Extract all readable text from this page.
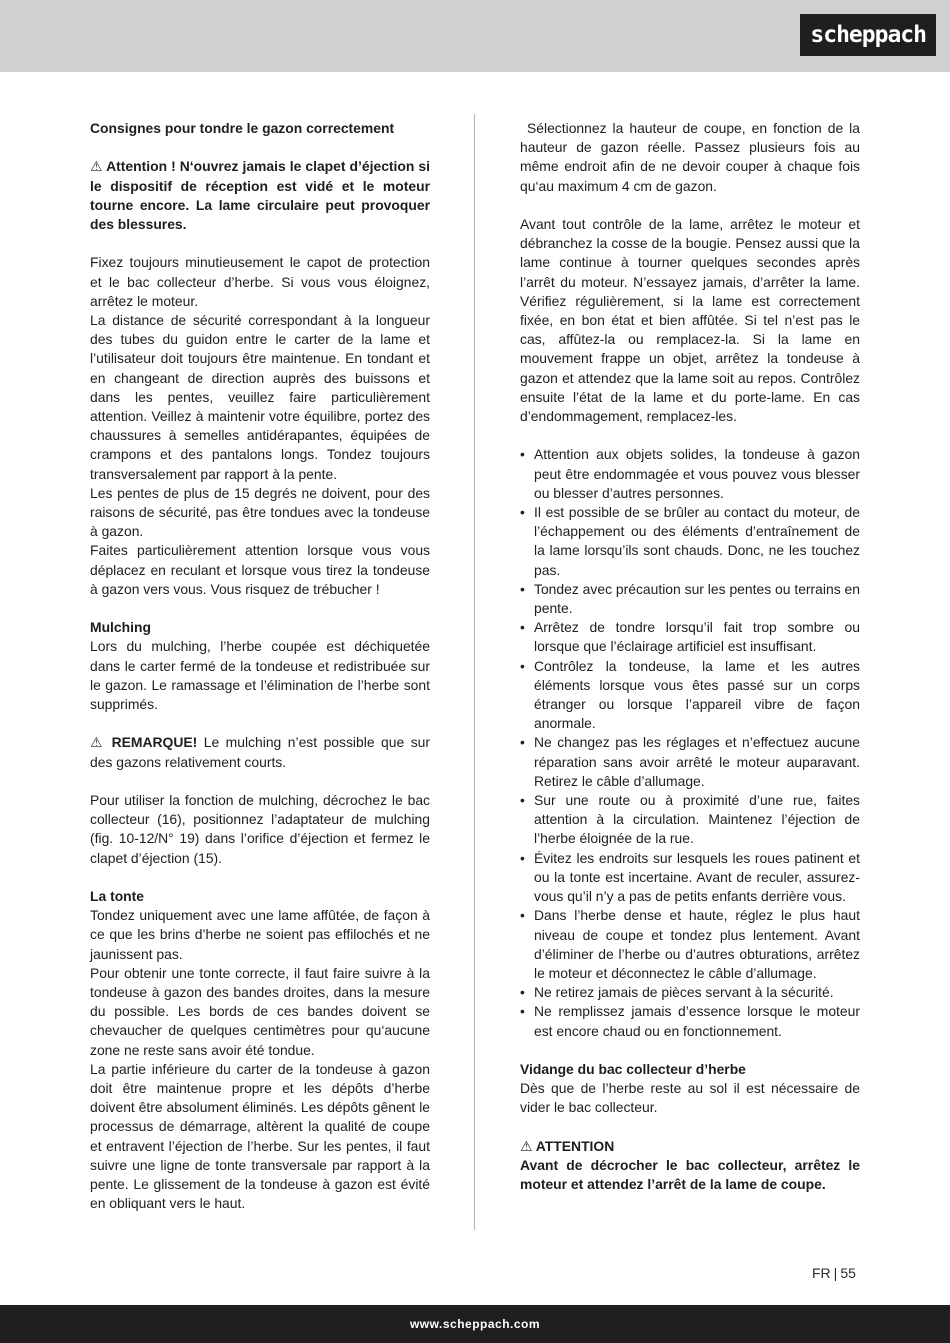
scheppach

Consignes pour tondre le gazon correctement

⚠ Attention ! N‘ouvrez jamais le clapet d’éjection si le dispositif de réception est vidé et le moteur tourne encore. La lame circulaire peut provoquer des blessures.

Fixez toujours minutieusement le capot de protection et le bac collecteur d’herbe. Si vous vous éloignez, arrêtez le moteur.

La distance de sécurité correspondant à la longueur des tubes du guidon entre le carter de la lame et l’utilisateur doit toujours être maintenue. En tondant et en changeant de direction auprès des buissons et dans les pentes, veuillez faire particulièrement attention. Veillez à maintenir votre équilibre, portez des chaussures à semelles antidérapantes, équipées de crampons et des pantalons longs. Tondez toujours transversalement par rapport à la pente.

Les pentes de plus de 15 degrés ne doivent, pour des raisons de sécurité, pas être tondues avec la tondeuse à gazon.

Faites particulièrement attention lorsque vous vous déplacez en reculant et lorsque vous tirez la tondeuse à gazon vers vous. Vous risquez de trébucher !

Mulching

Lors du mulching, l’herbe coupée est déchiquetée dans le carter fermé de la tondeuse et redistribuée sur le gazon. Le ramassage et l’élimination de l’herbe sont supprimés.

⚠ REMARQUE! Le mulching n’est possible que sur des gazons relativement courts.

Pour utiliser la fonction de mulching, décrochez le bac collecteur (16), positionnez l’adaptateur de mulching (fig. 10-12/N° 19) dans l’orifice d’éjection et fermez le clapet d’éjection (15).

La tonte

Tondez uniquement avec une lame affûtée, de façon à ce que les brins d’herbe ne soient pas effilochés et ne jaunissent pas.

Pour obtenir une tonte correcte, il faut faire suivre à la tondeuse à gazon des bandes droites, dans la mesure du possible. Les bords de ces bandes doivent se chevaucher de quelques centimètres pour qu‘aucune zone ne reste sans avoir été tondue.

La partie inférieure du carter de la tondeuse à gazon doit être maintenue propre et les dépôts d’herbe doivent être absolument éliminés. Les dépôts gênent le processus de démarrage, altèrent la qualité de coupe et entravent l’éjection de l’herbe. Sur les pentes, il faut suivre une ligne de tonte transversale par rapport à la pente. Le glissement de la tondeuse à gazon est évité en obliquant vers le haut.

Sélectionnez la hauteur de coupe, en fonction de la hauteur de gazon réelle. Passez plusieurs fois au même endroit afin de ne devoir couper à chaque fois qu‘au maximum 4 cm de gazon.

Avant tout contrôle de la lame, arrêtez le moteur et débranchez la cosse de la bougie. Pensez aussi que la lame continue à tourner quelques secondes après l’arrêt du moteur. N’essayez jamais, d’arrêter la lame. Vérifiez régulièrement, si la lame est correctement fixée, en bon état et bien affûtée. Si tel n’est pas le cas, affûtez-la ou remplacez-la. Si la lame en mouvement frappe un objet, arrêtez la tondeuse à gazon et attendez que la lame soit au repos. Contrôlez ensuite l’état de la lame et du porte-lame. En cas d’endommagement, remplacez-les.

• Attention aux objets solides, la tondeuse à gazon peut être endommagée et vous pouvez vous blesser ou blesser d’autres personnes.
• Il est possible de se brûler au contact du moteur, de l’échappement ou des éléments d’entraînement de la lame lorsqu’ils sont chauds. Donc, ne les touchez pas.
• Tondez avec précaution sur les pentes ou terrains en pente.
• Arrêtez de tondre lorsqu’il fait trop sombre ou lorsque que l’éclairage artificiel est insuffisant.
• Contrôlez la tondeuse, la lame et les autres éléments lorsque vous êtes passé sur un corps étranger ou lorsque l’appareil vibre de façon anormale.
• Ne changez pas les réglages et n’effectuez aucune réparation sans avoir arrêté le moteur auparavant. Retirez le câble d’allumage.
• Sur une route ou à proximité d’une rue, faites attention à la circulation. Maintenez l’éjection de l’herbe éloignée de la rue.
• Évitez les endroits sur lesquels les roues patinent et ou la tonte est incertaine. Avant de reculer, assurez-vous qu’il n’y a pas de petits enfants derrière vous.
• Dans l’herbe dense et haute, réglez le plus haut niveau de coupe et tondez plus lentement. Avant d’éliminer de l’herbe ou d’autres obturations, arrêtez le moteur et déconnectez le câble d’allumage.
• Ne retirez jamais de pièces servant à la sécurité.
• Ne remplissez jamais d’essence lorsque le moteur est encore chaud ou en fonctionnement.

Vidange du bac collecteur d’herbe

Dès que de l’herbe reste au sol il est nécessaire de vider le bac collecteur.

⚠ ATTENTION

Avant de décrocher le bac collecteur, arrêtez le moteur et attendez l’arrêt de la lame de coupe.

FR | 55
www.scheppach.com
